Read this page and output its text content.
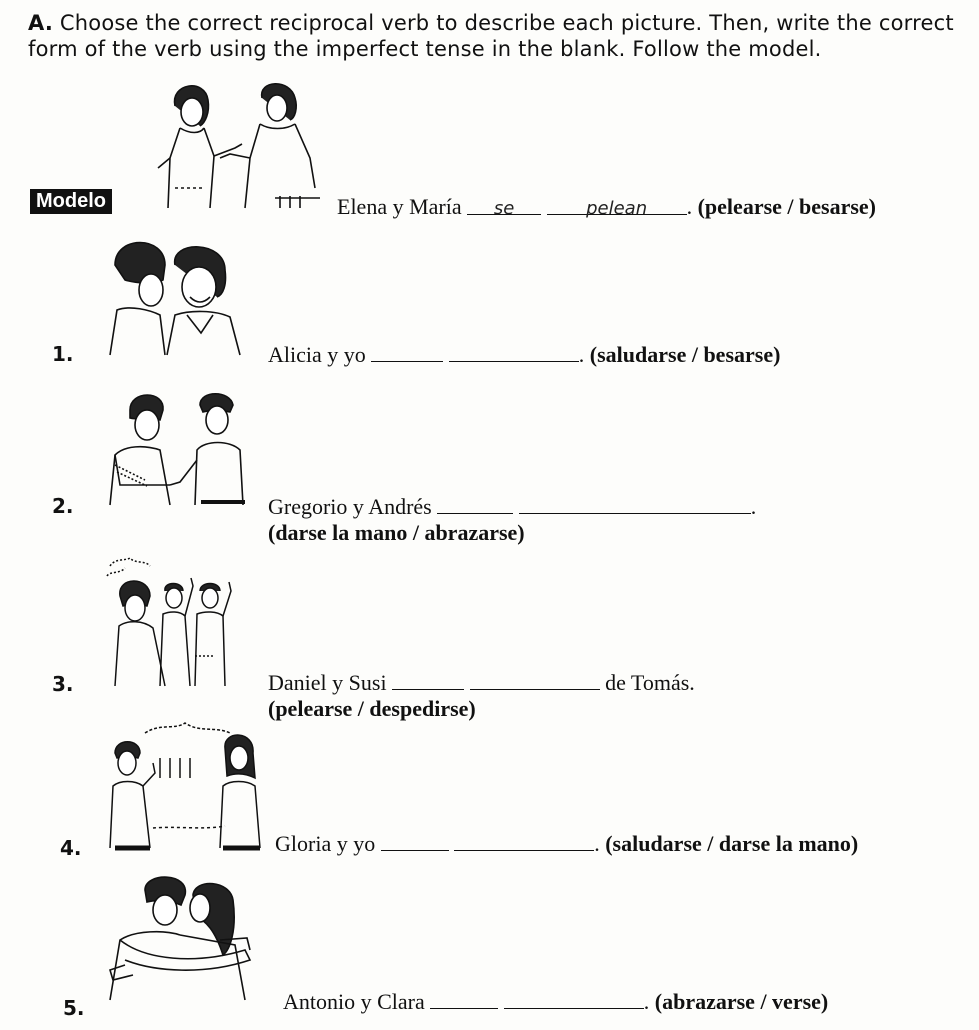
A. Choose the correct reciprocal verb to describe each picture. Then, write the correct form of the verb using the imperfect tense in the blank. Follow the model.
Modelo	Elena y María se	pelean . (pelearse / besarse)
1.	Alicia y yo	. (saludarse / besarse)
2.	Gregorio y Andrés	.
(darse la mano / abrazarse)
3.	Daniel y Susi	de Tomás.
(pelearse / despedirse)
4.	Gloria y yo	. (saludarse / darse la mano)
5.	Antonio y Clara	. (abrazarse / verse)
